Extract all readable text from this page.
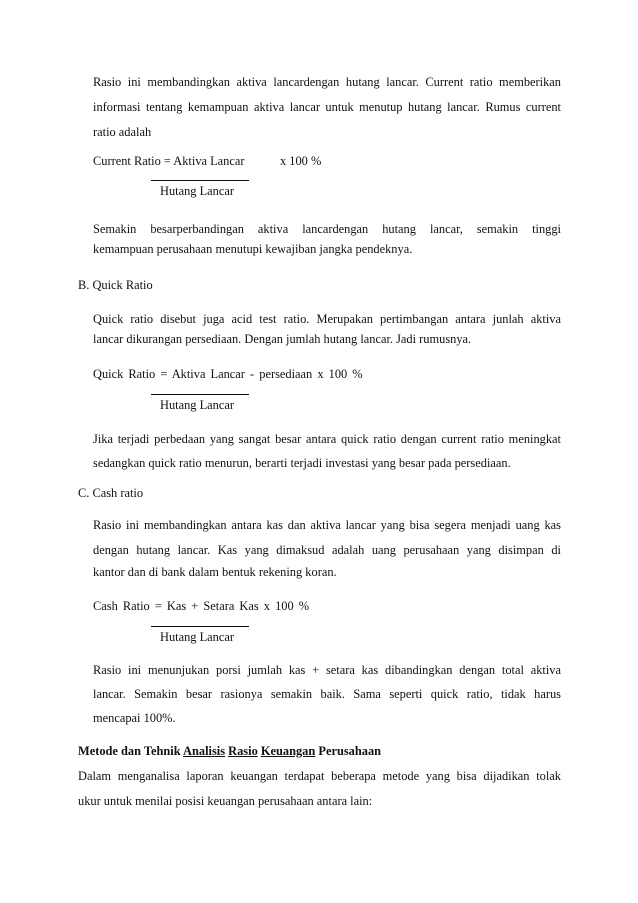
Rasio ini membandingkan aktiva lancardengan hutang lancar. Current ratio memberikan
informasi tentang kemampuan aktiva lancar untuk menutup hutang lancar. Rumus current
ratio adalah
Current Ratio = Aktiva Lancar	x 100 %
Hutang Lancar
Semakin besarperbandingan aktiva lancardengan hutang lancar, semakin tinggi
kemampuan perusahaan menutupi kewajiban jangka pendeknya.
B. Quick Ratio
Quick ratio disebut juga acid test ratio. Merupakan pertimbangan antara junlah aktiva
lancar dikurangan persediaan. Dengan jumlah hutang lancar. Jadi rumusnya.
Quick Ratio = Aktiva Lancar - persediaan x 100 %
Hutang Lancar
Jika terjadi perbedaan yang sangat besar antara quick ratio dengan current ratio meningkat
sedangkan quick ratio menurun, berarti terjadi investasi yang besar pada persediaan.
C. Cash ratio
Rasio ini membandingkan antara kas dan aktiva lancar yang bisa segera menjadi uang kas
dengan hutang lancar. Kas yang dimaksud adalah uang perusahaan yang disimpan di
kantor dan di bank dalam bentuk rekening koran.
Cash Ratio = Kas + Setara Kas x 100 %
Hutang Lancar
Rasio ini menunjukan porsi jumlah kas + setara kas dibandingkan dengan total aktiva
lancar. Semakin besar rasionya semakin baik. Sama seperti quick ratio, tidak harus
mencapai 100%.
Metode dan Tehnik Analisis Rasio Keuangan Perusahaan
Dalam menganalisa laporan keuangan terdapat beberapa metode yang bisa dijadikan tolak
ukur untuk menilai posisi keuangan perusahaan antara lain:
